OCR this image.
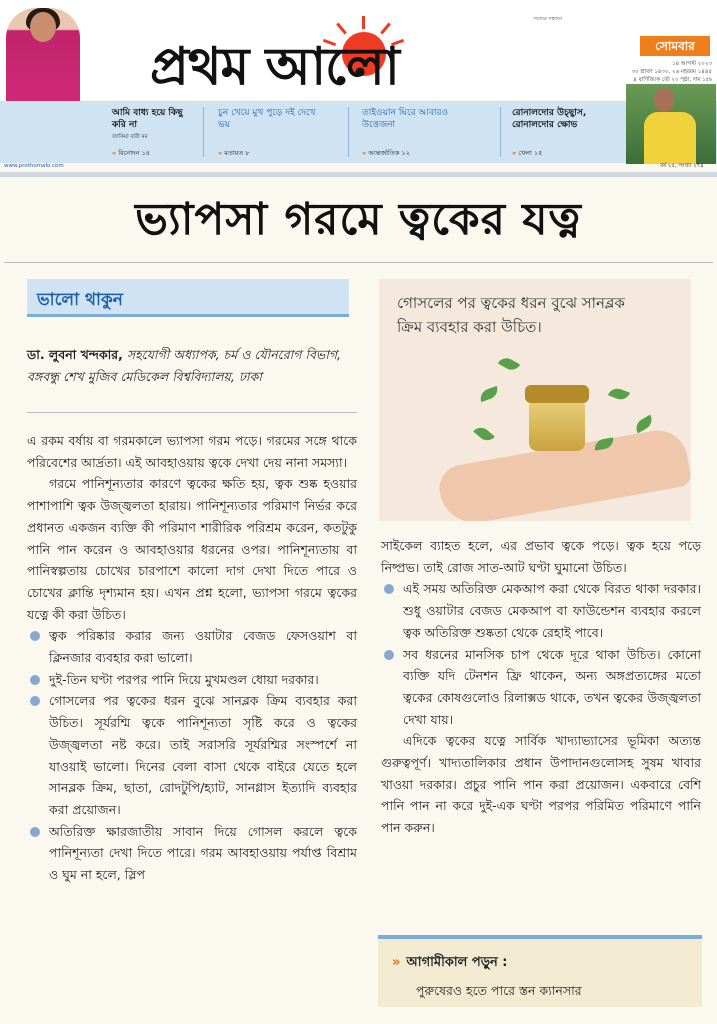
প্রথম আলো
সত্যের সন্ধানে
সোমবার
১৪ আগস্ট ২০২৩
৩০ শ্রাবণ ১৪৩০, ২৬ মহররম ১৪৪৫
৪ বাণিজ্যিক তৌ ২০ পৃষ্ঠা, দাম ১৫৳
আমি বাধ্য হয়ে কিছু করি না
জাকিয়া বারী মম
» বিনোদন ১৪
চুন খেয়ে মুখ পুড়ে দই দেখে ভয়
» মতামত ৮
তাইওয়ান ঘিরে আবারও উত্তেজনা
» আন্তর্জাতিক ১২
রোনালদোর উচ্ছ্বাস, রোনালদোর ক্ষোভ
» খেলা ১৫
www.prothomalo.com	বর্ষ ২৫, সংখ্যা ২৭৪
ভ্যাপসা গরমে ত্বকের যত্ন
ভালো থাকুন
ডা. লুবনা খন্দকার, সহযোগী অধ্যাপক, চর্ম ও যৌনরোগ বিভাগ, বঙ্গবন্ধু শেখ মুজিব মেডিকেল বিশ্ববিদ্যালয়, ঢাকা

এ রকম বর্ষায় বা গরমকালে ভ্যাপসা গরম পড়ে। গরমের সঙ্গে থাকে পরিবেশের আর্দ্রতা। এই আবহাওয়ায় ত্বকে দেখা দেয় নানা সমস্যা।

গরমে পানিশূন্যতার কারণে ত্বকের ক্ষতি হয়, ত্বক শুষ্ক হওয়ার পাশাপাশি ত্বক উজ্জ্বলতা হারায়। পানিশূন্যতার পরিমাণ নির্ভর করে প্রধানত একজন ব্যক্তি কী পরিমাণ শারীরিক পরিশ্রম করেন, কতটুকু পানি পান করেন ও আবহাওয়ার ধরনের ওপর। পানিশূন্যতায় বা পানিস্বল্পতায় চোখের চারপাশে কালো দাগ দেখা দিতে পারে ও চোখের ক্লান্তি দৃশ্যমান হয়। এখন প্রশ্ন হলো, ভ্যাপসা গরমে ত্বকের যত্নে কী করা উচিত।

ত্বক পরিষ্কার করার জন্য ওয়াটার বেজড ফেসওয়াশ বা ক্লিনজার ব্যবহার করা ভালো।
দুই-তিন ঘণ্টা পরপর পানি দিয়ে মুখমণ্ডল ধোয়া দরকার।
গোসলের পর ত্বকের ধরন বুঝে সানব্লক ক্রিম ব্যবহার করা উচিত। সূর্যরশ্মি ত্বকে পানিশূন্যতা সৃষ্টি করে ও ত্বকের উজ্জ্বলতা নষ্ট করে। তাই সরাসরি সূর্যরশ্মির সংস্পর্শে না যাওয়াই ভালো। দিনের বেলা বাসা থেকে বাইরে যেতে হলে সানব্লক ক্রিম, ছাতা, রোদটুপি/হ্যাট, সানগ্লাস ইত্যাদি ব্যবহার করা প্রয়োজন।
অতিরিক্ত ক্ষারজাতীয় সাবান দিয়ে গোসল করলে ত্বকে পানিশূন্যতা দেখা দিতে পারে। গরম আবহাওয়ায় পর্যাপ্ত বিশ্রাম ও ঘুম না হলে, স্লিপ
গোসলের পর ত্বকের ধরন বুঝে সানব্লক ক্রিম ব্যবহার করা উচিত।

সাইকেল ব্যাহত হলে, এর প্রভাব ত্বকে পড়ে। ত্বক হয়ে পড়ে নিষ্প্রভ। তাই রোজ সাত-আট ঘণ্টা ঘুমানো উচিত।

এই সময় অতিরিক্ত মেকআপ করা থেকে বিরত থাকা দরকার। শুধু ওয়াটার বেজড মেকআপ বা ফাউন্ডেশন ব্যবহার করলে ত্বক অতিরিক্ত শুষ্কতা থেকে রেহাই পাবে।
সব ধরনের মানসিক চাপ থেকে দূরে থাকা উচিত। কোনো ব্যক্তি যদি টেনশন ফ্রি থাকেন, অন্য অঙ্গপ্রত্যঙ্গের মতো ত্বকের কোষগুলোও রিলাক্সড থাকে, তখন ত্বকের উজ্জ্বলতা দেখা যায়।

এদিকে ত্বকের যত্নে সার্বিক খাদ্যাভ্যাসের ভূমিকা অত্যন্ত গুরুত্বপূর্ণ। খাদ্যতালিকার প্রধান উপাদানগুলোসহ সুষম খাবার খাওয়া দরকার। প্রচুর পানি পান করা প্রয়োজন। একবারে বেশি পানি পান না করে দুই-এক ঘণ্টা পরপর পরিমিত পরিমাণে পানি পান করুন।

» আগামীকাল পড়ুন :
পুরুষেরও হতে পারে স্তন ক্যানসার
